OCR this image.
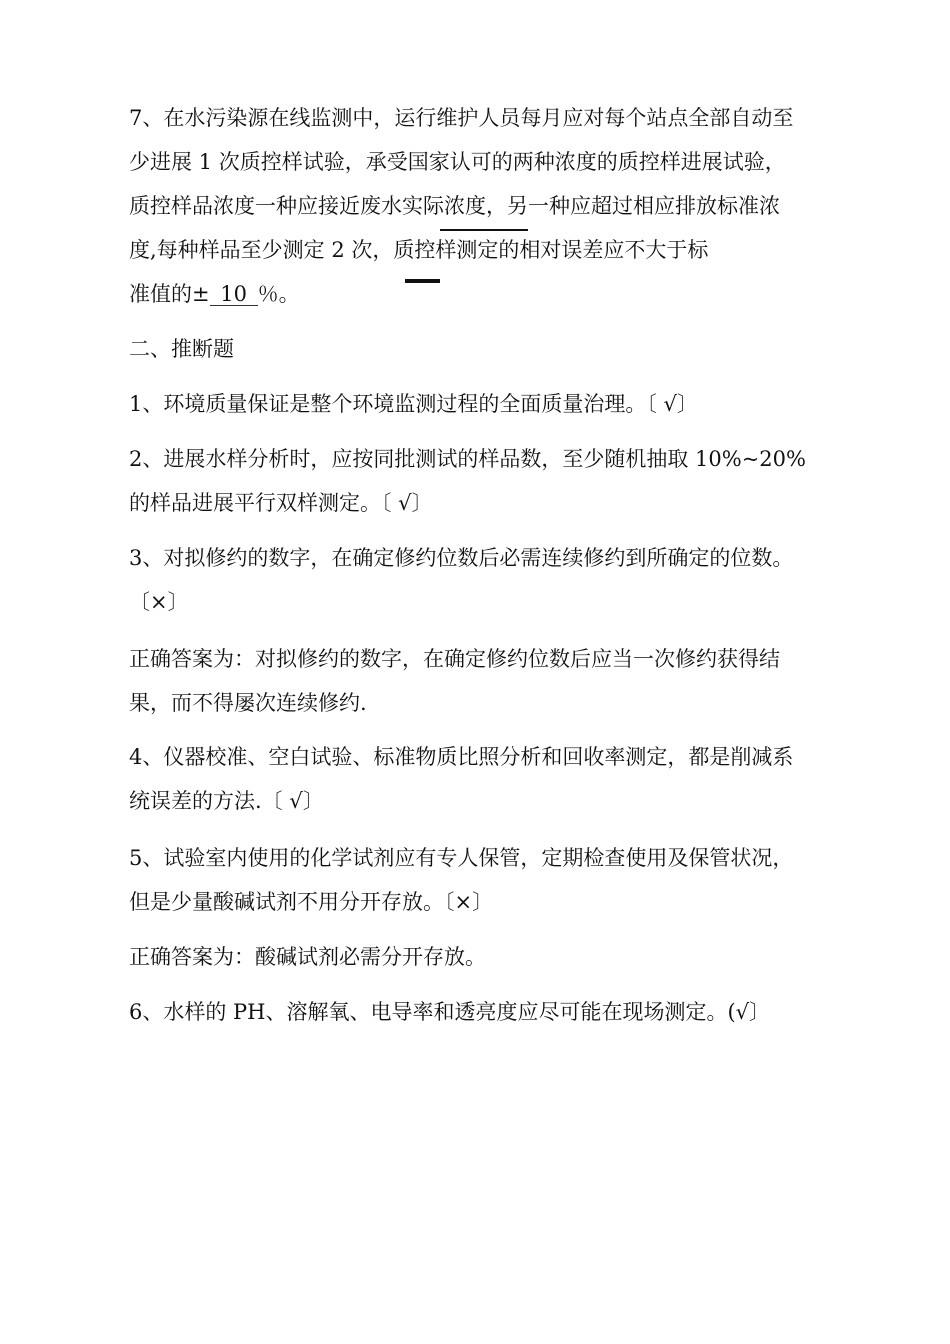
7、在水污染源在线监测中，运行维护人员每月应对每个站点全部自动至
少进展 1 次质控样试验，承受国家认可的两种浓度的质控样进展试验，
质控样品浓度一种应接近废水实际浓度，另一种应超过相应排放标准浓
度,每种样品至少测定 2 次，质控样测定的相对误差应不大于标
准值的± 10 ％。
二、推断题
1、环境质量保证是整个环境监测过程的全面质量治理。〔 √〕
2、进展水样分析时，应按同批测试的样品数，至少随机抽取 10%~20%
的样品进展平行双样测定。〔 √〕
3、对拟修约的数字，在确定修约位数后必需连续修约到所确定的位数。
〔×〕
正确答案为：对拟修约的数字，在确定修约位数后应当一次修约获得结
果，而不得屡次连续修约.
4、仪器校准、空白试验、标准物质比照分析和回收率测定，都是削减系
统误差的方法.〔 √〕
5、试验室内使用的化学试剂应有专人保管，定期检查使用及保管状况，
但是少量酸碱试剂不用分开存放。〔×〕
正确答案为：酸碱试剂必需分开存放。
6、水样的 PH、溶解氧、电导率和透亮度应尽可能在现场测定。(√〕
